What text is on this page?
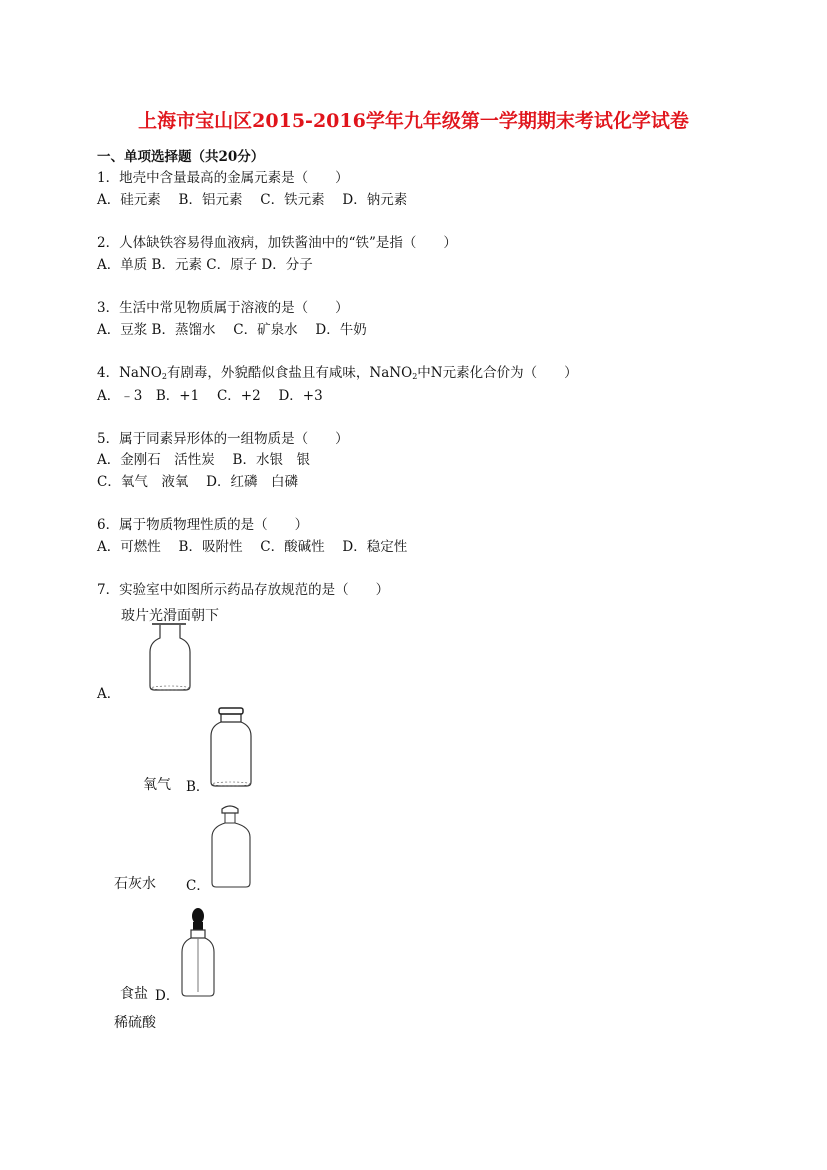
上海市宝山区2015-2016学年九年级第一学期期末考试化学试卷
一、单项选择题（共20分）
1．地壳中含量最高的金属元素是（　　）
A．硅元素　 B．铝元素　 C．铁元素　 D．钠元素
2．人体缺铁容易得血液病，加铁酱油中的“铁”是指（　　）
A．单质 B．元素 C．原子 D．分子
3．生活中常见物质属于溶液的是（　　）
A．豆浆 B．蒸馏水　 C．矿泉水　 D．牛奶
4．NaNO$_2$有剧毒，外貌酷似食盐且有咸味，NaNO$_2$中N元素化合价为（　　）
A．﹣3　B．+1　 C．+2　 D．+3
5．属于同素异形体的一组物质是（　　）
A．金刚石　活性炭　 B．水银　银
C．氧气　液氧　 D．红磷　白磷
6．属于物质物理性质的是（　　）
A．可燃性　 B．吸附性　 C．酸碱性　 D．稳定性
7．实验室中如图所示药品存放规范的是（　　）
玻片光滑面朝下
A．
氧气 B．
石灰水 C．
食盐 D．
稀硫酸
